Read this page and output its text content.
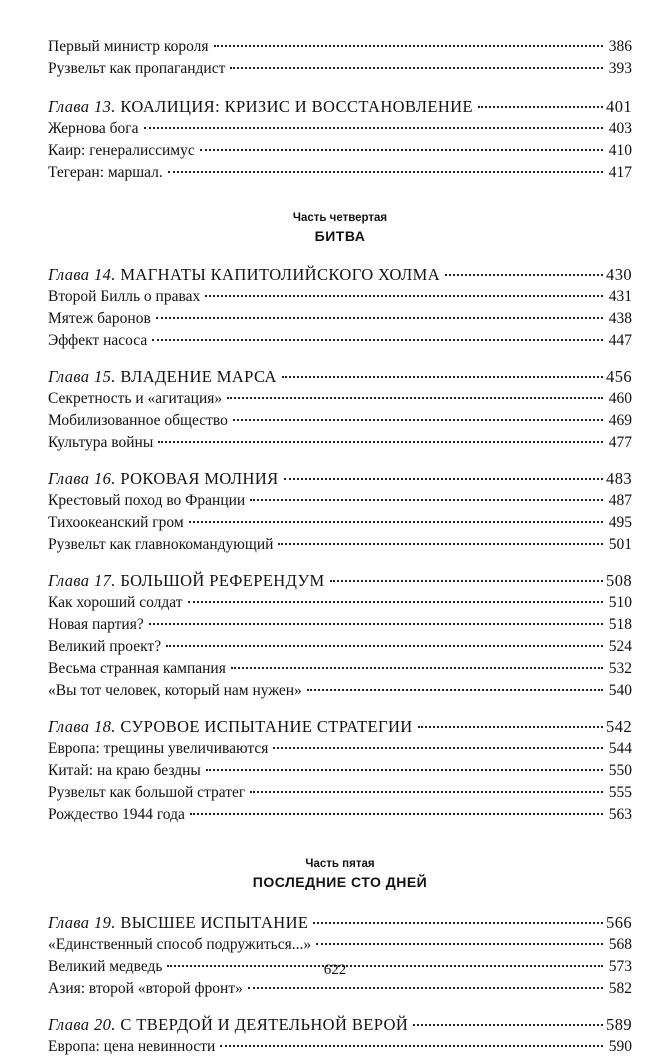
Первый министр короля	386
Рузвельт как пропагандист	393
Глава 13. КОАЛИЦИЯ: КРИЗИС И ВОССТАНОВЛЕНИЕ	401
Жернова бога	403
Каир: генералиссимус	410
Тегеран: маршал.	417
Часть четвертая
БИТВА
Глава 14. МАГНАТЫ КАПИТОЛИЙСКОГО ХОЛМА	430
Второй Билль о правах	431
Мятеж баронов	438
Эффект насоса	447
Глава 15. ВЛАДЕНИЕ МАРСА	456
Секретность и «агитация»	460
Мобилизованное общество	469
Культура войны	477
Глава 16. РОКОВАЯ МОЛНИЯ	483
Крестовый поход во Франции	487
Тихоокеанский гром	495
Рузвельт как главнокомандующий	501
Глава 17. БОЛЬШОЙ РЕФЕРЕНДУМ	508
Как хороший солдат	510
Новая партия?	518
Великий проект?	524
Весьма странная кампания	532
«Вы тот человек, который нам нужен»	540
Глава 18. СУРОВОЕ ИСПЫТАНИЕ СТРАТЕГИИ	542
Европа: трещины увеличиваются	544
Китай: на краю бездны	550
Рузвельт как большой стратег	555
Рождество 1944 года	563
Часть пятая
ПОСЛЕДНИЕ СТО ДНЕЙ
Глава 19. ВЫСШЕЕ ИСПЫТАНИЕ	566
«Единственный способ подружиться...»	568
Великий медведь	573
Азия: второй «второй фронт»	582
Глава 20. С ТВЕРДОЙ И ДЕЯТЕЛЬНОЙ ВЕРОЙ	589
Европа: цена невинности	590
622
